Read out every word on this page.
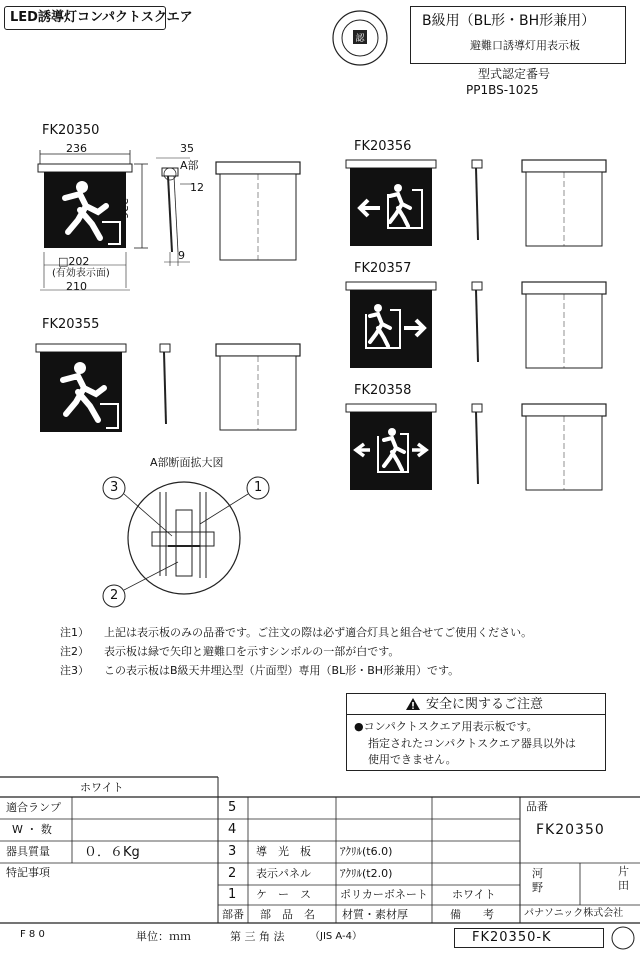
LED誘導灯コンパクトスクエア
認
B級用（BL形・BH形兼用）
避難口誘導灯用表示板
型式認定番号
PP1BS-1025
FK20350
236
□202
(有効表示面)
210
35
A部
12
9
FK20355
FK20356
FK20357
FK20358
A部断面拡大図
3	1
2
注1） 上記は表示板のみの品番です。ご注文の際は必ず適合灯具と組合せてご使用ください。
注2） 表示板は緑で矢印と避難口を示すシンボルの一部が白です。
注3） この表示板はB級天井埋込型（片面型）専用（BL形・BH形兼用）です。
安全に関するご注意
●コンパクトスクエア用表示板です。
指定されたコンパクトスクエア器具以外は
使用できません。
ホワイト
適合ランプ
W ・ 数
器具質量	０．６Kg
特記事項
5
4
3 導　光　板	ｱｸﾘﾙ(t6.0)
2 表示パネル	ｱｸﾘﾙ(t2.0)
1 ケ　ー　ス	ポリカーボネート ホワイト
部番 部　品　名 材質・素材厚	備　　考
品番
FK20350
河
野
片
田
パナソニック株式会社
F 8 0	単位：ｍｍ	第 三 角 法	（JIS A-4）	FK20350-K
